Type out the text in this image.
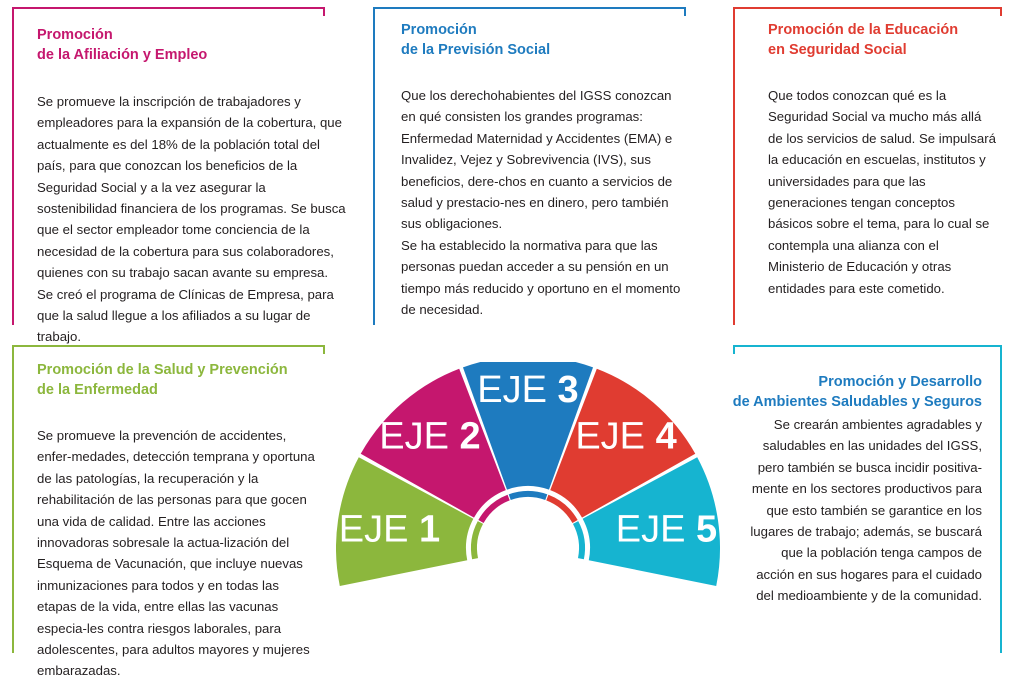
Promoción
de la Afiliación y Empleo

Se promueve la inscripción de trabajadores y empleadores para la expansión de la cobertura, que actualmente es del 18% de la población total del país, para que conozcan los beneficios de la Seguridad Social y a la vez asegurar la sostenibilidad financiera de los programas. Se busca que el sector empleador tome conciencia de la necesidad de la cobertura para sus colaboradores, quienes con su trabajo sacan avante su empresa.

Se creó el programa de Clínicas de Empresa, para que la salud llegue a los afiliados a su lugar de trabajo.

Promoción
de la Previsión Social

Que los derechohabientes del IGSS conozcan en qué consisten los grandes programas: Enfermedad Maternidad y Accidentes (EMA) e Invalidez, Vejez y Sobrevivencia (IVS), sus beneficios, dere-chos en cuanto a servicios de salud y prestacio-nes en dinero, pero también sus obligaciones.

Se ha establecido la normativa para que las personas puedan acceder a su pensión en un tiempo más reducido y oportuno en el momento de necesidad.

Promoción de la Educación
en Seguridad Social

Que todos conozcan qué es la Seguridad Social va mucho más allá de los servicios de salud. Se impulsará la educación en escuelas, institutos y universidades para que las generaciones tengan conceptos básicos sobre el tema, para lo cual se contempla una alianza con el Ministerio de Educación y otras entidades para este cometido.

Promoción de la Salud y Prevención
de la Enfermedad

Se promueve la prevención de accidentes, enfer-medades, detección temprana y oportuna de las patologías, la recuperación y la rehabilitación de las personas para que gocen una vida de calidad. Entre las acciones innovadoras sobresale la actua-lización del Esquema de Vacunación, que incluye nuevas inmunizaciones para todos y en todas las etapas de la vida, entre ellas las vacunas especia-les contra riesgos laborales, para adolescentes, para adultos mayores y mujeres embarazadas.

Promoción y Desarrollo
de Ambientes Saludables y Seguros

Se crearán ambientes agradables y saludables en las unidades del IGSS, pero también se busca incidir positiva-mente en los sectores productivos para que esto también se garantice en los lugares de trabajo; además, se buscará que la población tenga campos de acción en sus hogares para el cuidado del medioambiente y de la comunidad.

EJE 1
EJE 2
EJE 3
EJE 4
EJE 5
